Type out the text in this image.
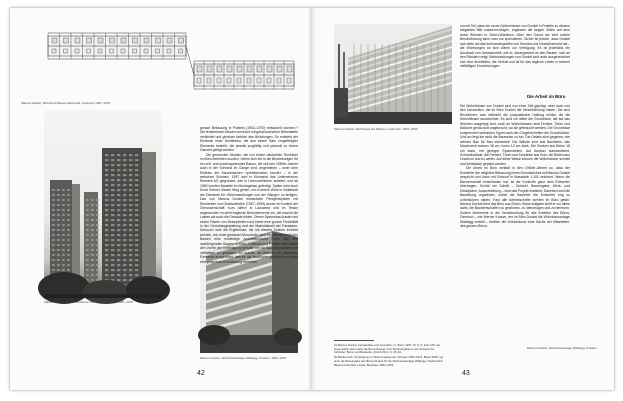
Marcus Dunkel, Wohnhochhäuser Altenmark, Listenwil, 1967–1970
Marcus Dunkel, Wohnhochhäuser Altenmark, Listenwil, 1967–1970
Marcus Dunkel, Wohnhausanlage Waldegg, Pratteln, 1963–1970

grosse Bebauung in Pratteln (1963–1970) entwickelt worden.¹⁹ Die fensterlosen Mauern sind dort mit geschosshohen Betontafeln verkleidet und gleichen farblich den Brüstungen. So entsteht der Eindruck einer Architektur, die aus einem Satz vorgefertigter Elemente besteht, die jeweils sorgfältig und planvoll zu einem Ganzen gefügt wurden.

Die genannten Studien, die von einem deutschen Techniker im Büro betrieben wurden, reihen sich ein in die Bestrebungen für ein zeit- und kostensparendes Bauen, die seit den 1950er-Jahren auch in der Schweiz im Gange sind, angetrieben – unter dem Einfluss der französischen «préfabrication lourde» – in der welschen Schweiz. 1957 wird in Küsnacht das Unternehmen Element AG gegründet, das in Lizenzverfahren arbeitet, und ab 1960 werden Bauteile im Montagebau gefertigt. Später wird auch Ernst Göhner diesen Weg gehen, um in einem Werk in Volketswil die Elemente für «Wohnsiedlungen von der Stange» zu fertigen. Das von Marcus Dunkel entwickelte Fertigteilsystem mit Elementen von Gebäudehöhe (1957–1959) wurde im Kontext der Genossenschaft «Les Ailes» in Lausanne und im Tessin angewendet; es sieht tragende Betonelemente vor, die sowohl die Lasten als auch die Fassade bilden. Dieser Systembau basiert auf einem Raster von Betonpfeilern und bietet eine grosse Flexibilität in der Grundrissgestaltung und der Materialwahl der Fassaden. Dennoch sind die Ergebnisse, die mit diesem System erreicht wurden, von einer gewissen Monotonie nicht frei; ebenso fehlt den Bauten eine eindeutige architektonische Form. Bei den nachfolgenden Bauten in Wien, Listenwil und Pratteln hat Dunkel den Vorteil der Vorfertigung genutzt, um die Bauteile präziser und vielfältiger zu gestalten. So wurden die Balkone als plastische Elemente ausgebildet, welche die Baukörper gliedern und ihnen eine prägnante Erscheinung verleihen.

42
Marcus Dunkel, Wohnhaus auf Stelzen, Lauterach, 1957–1959

um mit Teil, dass der neuen Wohnhäuser von Dunkel in Pratteln zu diesem eleganten Bild zusammenfügen, ergänzen die langen Zeilen auf dem Areal Wohnen in Zürich-Wiedikon. Über den Grund der eine solche Beschränkung kann man nur spekulieren. Sicher ist jedoch, dass Dunkel sich stets um das Ineinandergreifen von Struktur und Gestalt bemüht hat – die Wohnungen an sich waren zur Verfügung. Es ist jedenfalls ein Ausdruck von Gelassenheit, wie er, darangesetzt an den Bauten, sich an den Rändern zeigt. Wohnsiedlungen von Dunkel sind auch ausgezeichnet hat: eine Architektur, die Verlust und ist für das tägliche Leben in seinem vielfältigen Erscheinungen.

Die Arbeit im Büro

Die Wohnhäuser von Dunkel sind von einer Zeit geprägt, aber auch von den Umwerfern, die im Büro Dunkel die Verwirklichung haben. Sie sind Bezeichner, was vielleicht die pragmatische Haltung erklärt, die die Wohnhäuser auszeichnet. Es sind vor allem die Grundrisse, die auf das Wohnen ausgelegt sind; auch an Wohnhäusern sind Fenster, Türen und Balkone genau dort angebracht, wo sie gebraucht werden. Die Grundrisse entsprechen vertrauten Typen nach den Gegebenheiten der Grundstücke. Und wo liegt sie nicht die Bauweise zu tun. Die Details sind gegeben; wie werden Bau für Bau entwickelt. Die Wände sind aus Backstein, das Mauerwerk aussen 38 cm, innen 12 cm stark. Die Decken aus Beton 18 cm stark, mit geringer Spannweiten. Auf Ausbau standardisiert, Schrankwände, die Fenster, Türen und Schränke aus Holz, die Böden aus Linoleum und so weiter. Auf diese Weise können die Wohnhäuser schnell und verlässlich geplant werden.

Die Arbeit im Büro verläuft in den 1960er-Jahren so, dass der Entwerfer die mögliche Bebauung eines Grundstückes mit Marcus Dunkel bespricht und dann mit Entwurf in Massstab 1:100 zeichnet. Wenn die Bauherrschaft entschieden hat, ist die Kontrolle ganz dem Entwerfer übertragen. Schritt um Schritt – Entwurf, Baueingabe, Werk- und Detailpläne, Ausschreibung – wird das Projekt realisiert. Daneben wird die Bauleitung organisiert, wobei die Bauleiter die Entwerfer eng zu unterstützen haben. Fast alle Arbeitsschritte werden im Büro getan. Marcus Dunkel führt das Büro aus Zürich. Seine Aufgabe sieht er vor allem darin, die Bauherrschaften zu gewinnen, zu überzeugen und zu betreuen. Zudem übernimmt er die Verantwortung für alle Arbeiten des Büros. Dennoch – wie Werner Knauer, der im Büro Dunkel die Wohnhausanlage Waldegg erstellt – bleiben die Wohnhäuser eine Sache der Mitarbeiter, des ganzen Büros.

19 Marcus Dunkel, Fertigteilbau und Grundriss, in: Werk, 1967, Nr. 5, S. 310–318; als Gegenstück dazu siehe die Bemerkungen zum Wohnungsbau in der Schweiz bei Schröder, Beton und Baukultur, Zürich 2012, S. 45–52.

20 Bettina Holt, Vorfertigung im Wohnungsbau der Schweiz 1960–1975, Basel 2009; vgl. auch die Baueingabe des Büros Dunkel für die Wohnhausanlage Waldegg, Staatsarchiv Basel-Landschaft, Liestal, Bauakten 1963–1966.

Marcus Dunkel, Wohnhausanlage Waldegg, Pratteln
43
